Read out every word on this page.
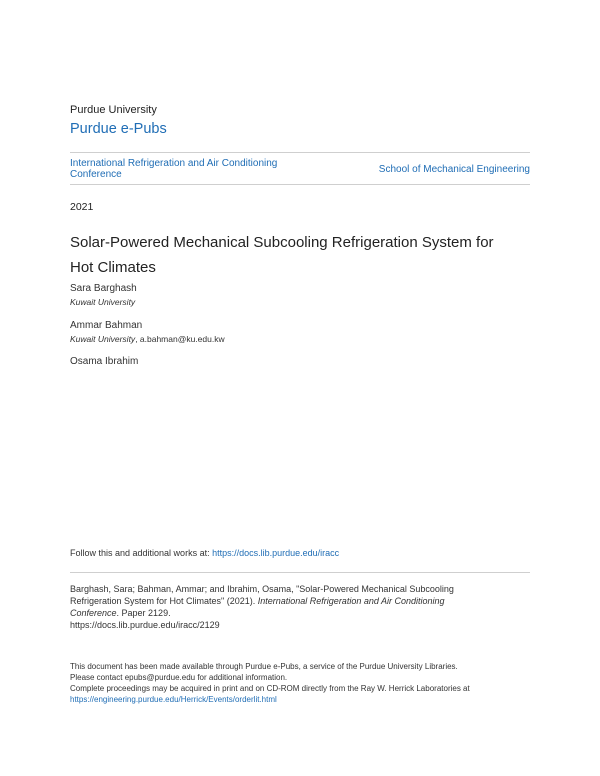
Purdue University
Purdue e-Pubs
International Refrigeration and Air Conditioning
Conference	School of Mechanical Engineering
2021
Solar-Powered Mechanical Subcooling Refrigeration System for
Hot Climates
Sara Barghash
Kuwait University
Ammar Bahman
Kuwait University, a.bahman@ku.edu.kw
Osama Ibrahim
Follow this and additional works at: https://docs.lib.purdue.edu/iracc
Barghash, Sara; Bahman, Ammar; and Ibrahim, Osama, "Solar-Powered Mechanical Subcooling
Refrigeration System for Hot Climates" (2021). International Refrigeration and Air Conditioning
Conference. Paper 2129.
https://docs.lib.purdue.edu/iracc/2129
This document has been made available through Purdue e-Pubs, a service of the Purdue University Libraries.
Please contact epubs@purdue.edu for additional information.
Complete proceedings may be acquired in print and on CD-ROM directly from the Ray W. Herrick Laboratories at
https://engineering.purdue.edu/Herrick/Events/orderlit.html
